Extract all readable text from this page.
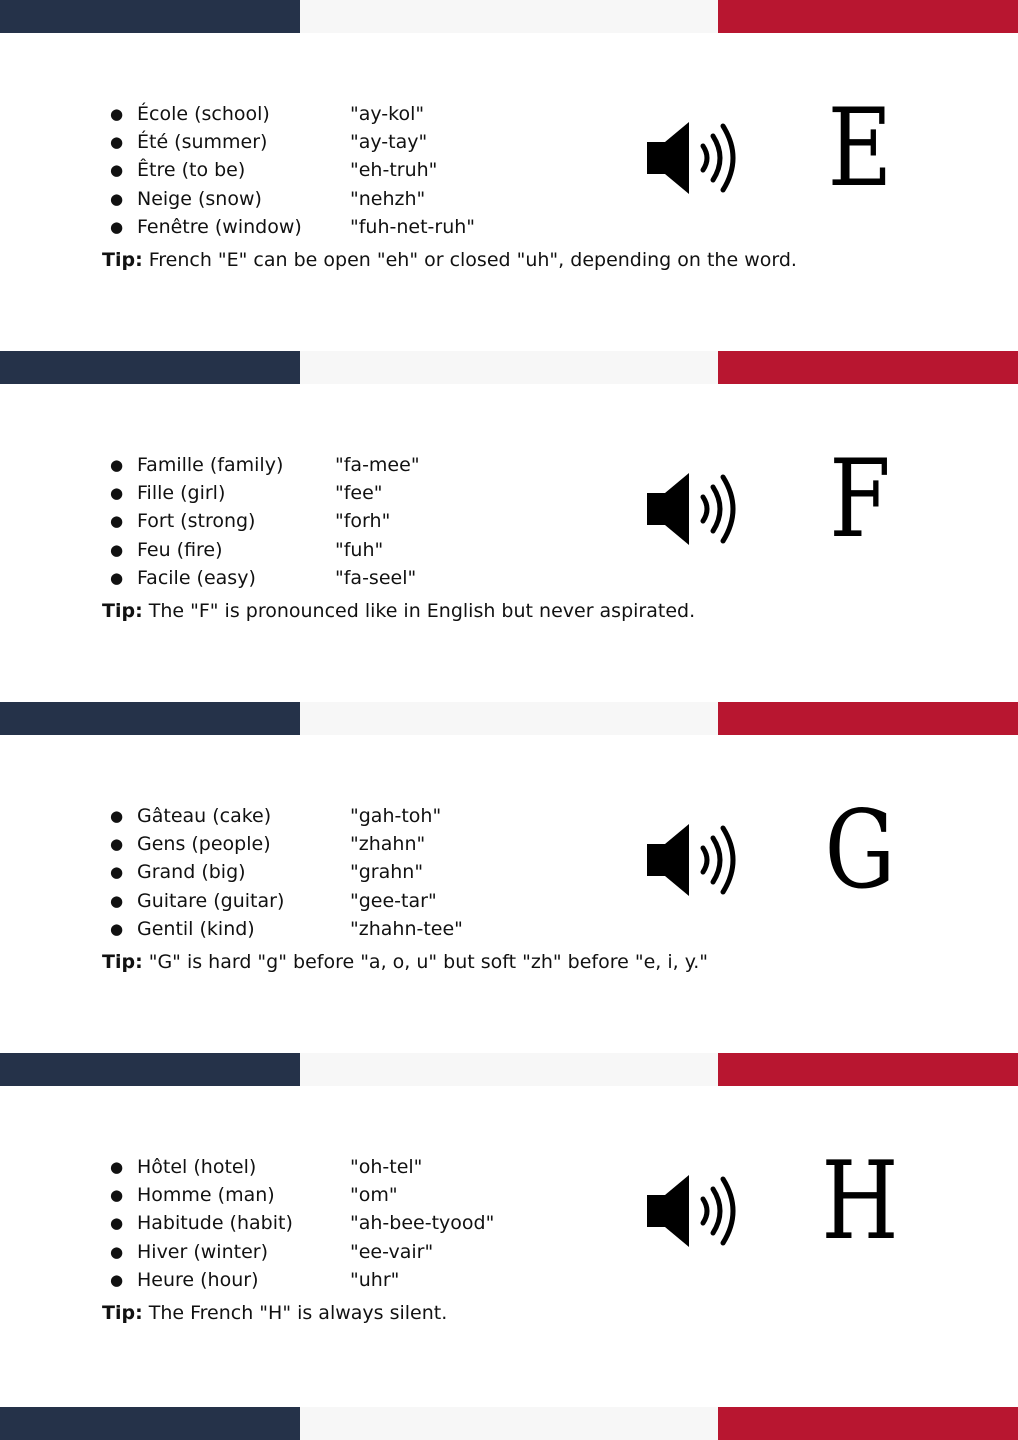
● École (school)	"ay-kol"
● Été (summer)	"ay-tay"
● Être (to be)	"eh-truh"
● Neige (snow)	"nehzh"
● Fenêtre (window)	"fuh-net-ruh"
Tip: French "E" can be open "eh" or closed "uh", depending on the word.
E
● Famille (family)	"fa-mee"
● Fille (girl)	"fee"
● Fort (strong)	"forh"
● Feu (fire)	"fuh"
● Facile (easy)	"fa-seel"
Tip: The "F" is pronounced like in English but never aspirated.
F
● Gâteau (cake)	"gah-toh"
● Gens (people)	"zhahn"
● Grand (big)	"grahn"
● Guitare (guitar)	"gee-tar"
● Gentil (kind)	"zhahn-tee"
Tip: "G" is hard "g" before "a, o, u" but soft "zh" before "e, i, y."
G
● Hôtel (hotel)	"oh-tel"
● Homme (man)	"om"
● Habitude (habit)	"ah-bee-tyood"
● Hiver (winter)	"ee-vair"
● Heure (hour)	"uhr"
Tip: The French "H" is always silent.
H
